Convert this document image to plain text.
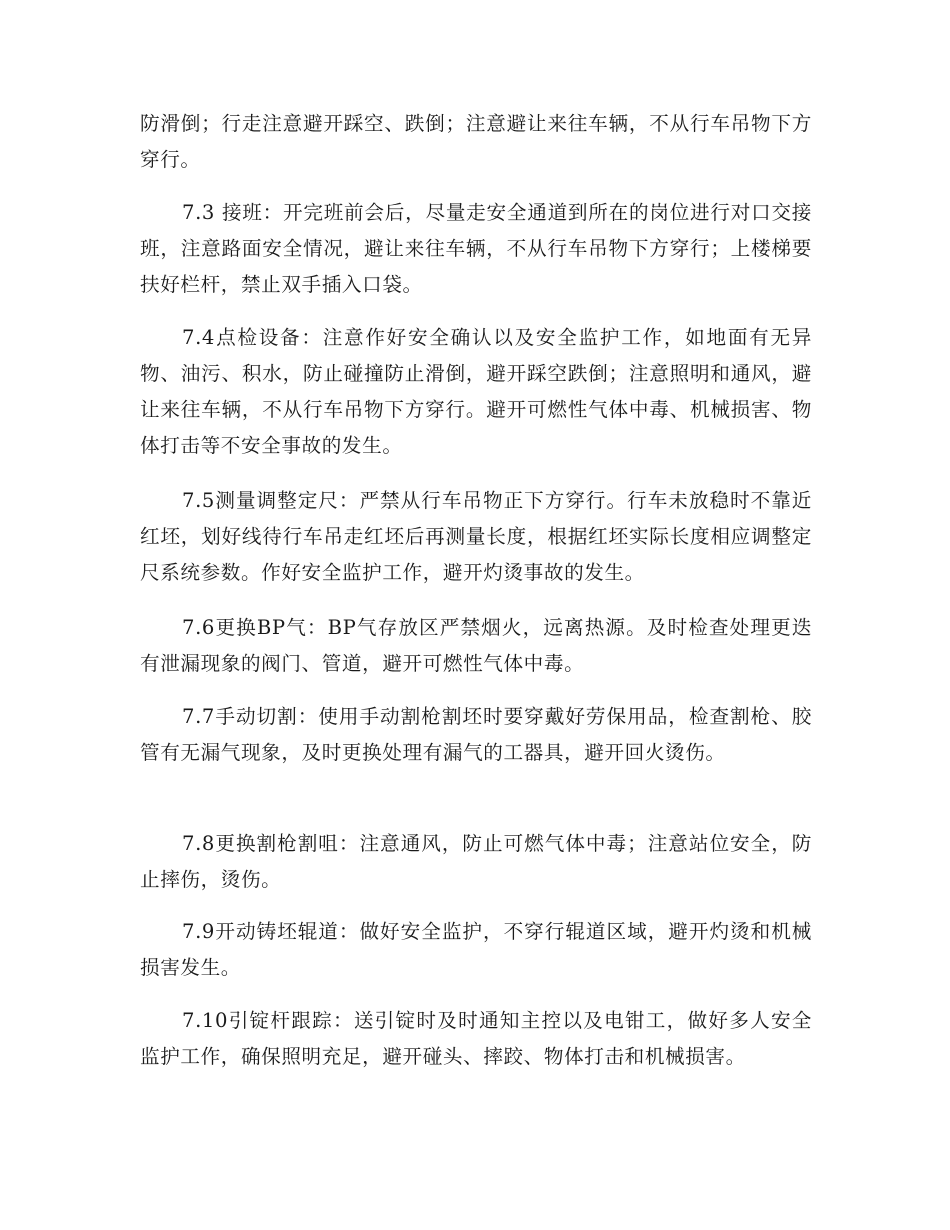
防滑倒；行走注意避开踩空、跌倒；注意避让来往车辆，不从行车吊物下方穿行。

7.3 接班：开完班前会后，尽量走安全通道到所在的岗位进行对口交接班，注意路面安全情况，避让来往车辆，不从行车吊物下方穿行；上楼梯要扶好栏杆，禁止双手插入口袋。

7.4点检设备：注意作好安全确认以及安全监护工作，如地面有无异物、油污、积水，防止碰撞防止滑倒，避开踩空跌倒；注意照明和通风，避让来往车辆，不从行车吊物下方穿行。避开可燃性气体中毒、机械损害、物体打击等不安全事故的发生。

7.5测量调整定尺：严禁从行车吊物正下方穿行。行车未放稳时不靠近红坯，划好线待行车吊走红坯后再测量长度，根据红坯实际长度相应调整定尺系统参数。作好安全监护工作，避开灼烫事故的发生。

7.6更换BP气：BP气存放区严禁烟火，远离热源。及时检查处理更迭有泄漏现象的阀门、管道，避开可燃性气体中毒。

7.7手动切割：使用手动割枪割坯时要穿戴好劳保用品，检查割枪、胶管有无漏气现象，及时更换处理有漏气的工器具，避开回火烫伤。

7.8更换割枪割咀：注意通风，防止可燃气体中毒；注意站位安全，防止摔伤，烫伤。

7.9开动铸坯辊道：做好安全监护，不穿行辊道区域，避开灼烫和机械损害发生。

7.10引锭杆跟踪：送引锭时及时通知主控以及电钳工，做好多人安全监护工作，确保照明充足，避开碰头、摔跤、物体打击和机械损害。
